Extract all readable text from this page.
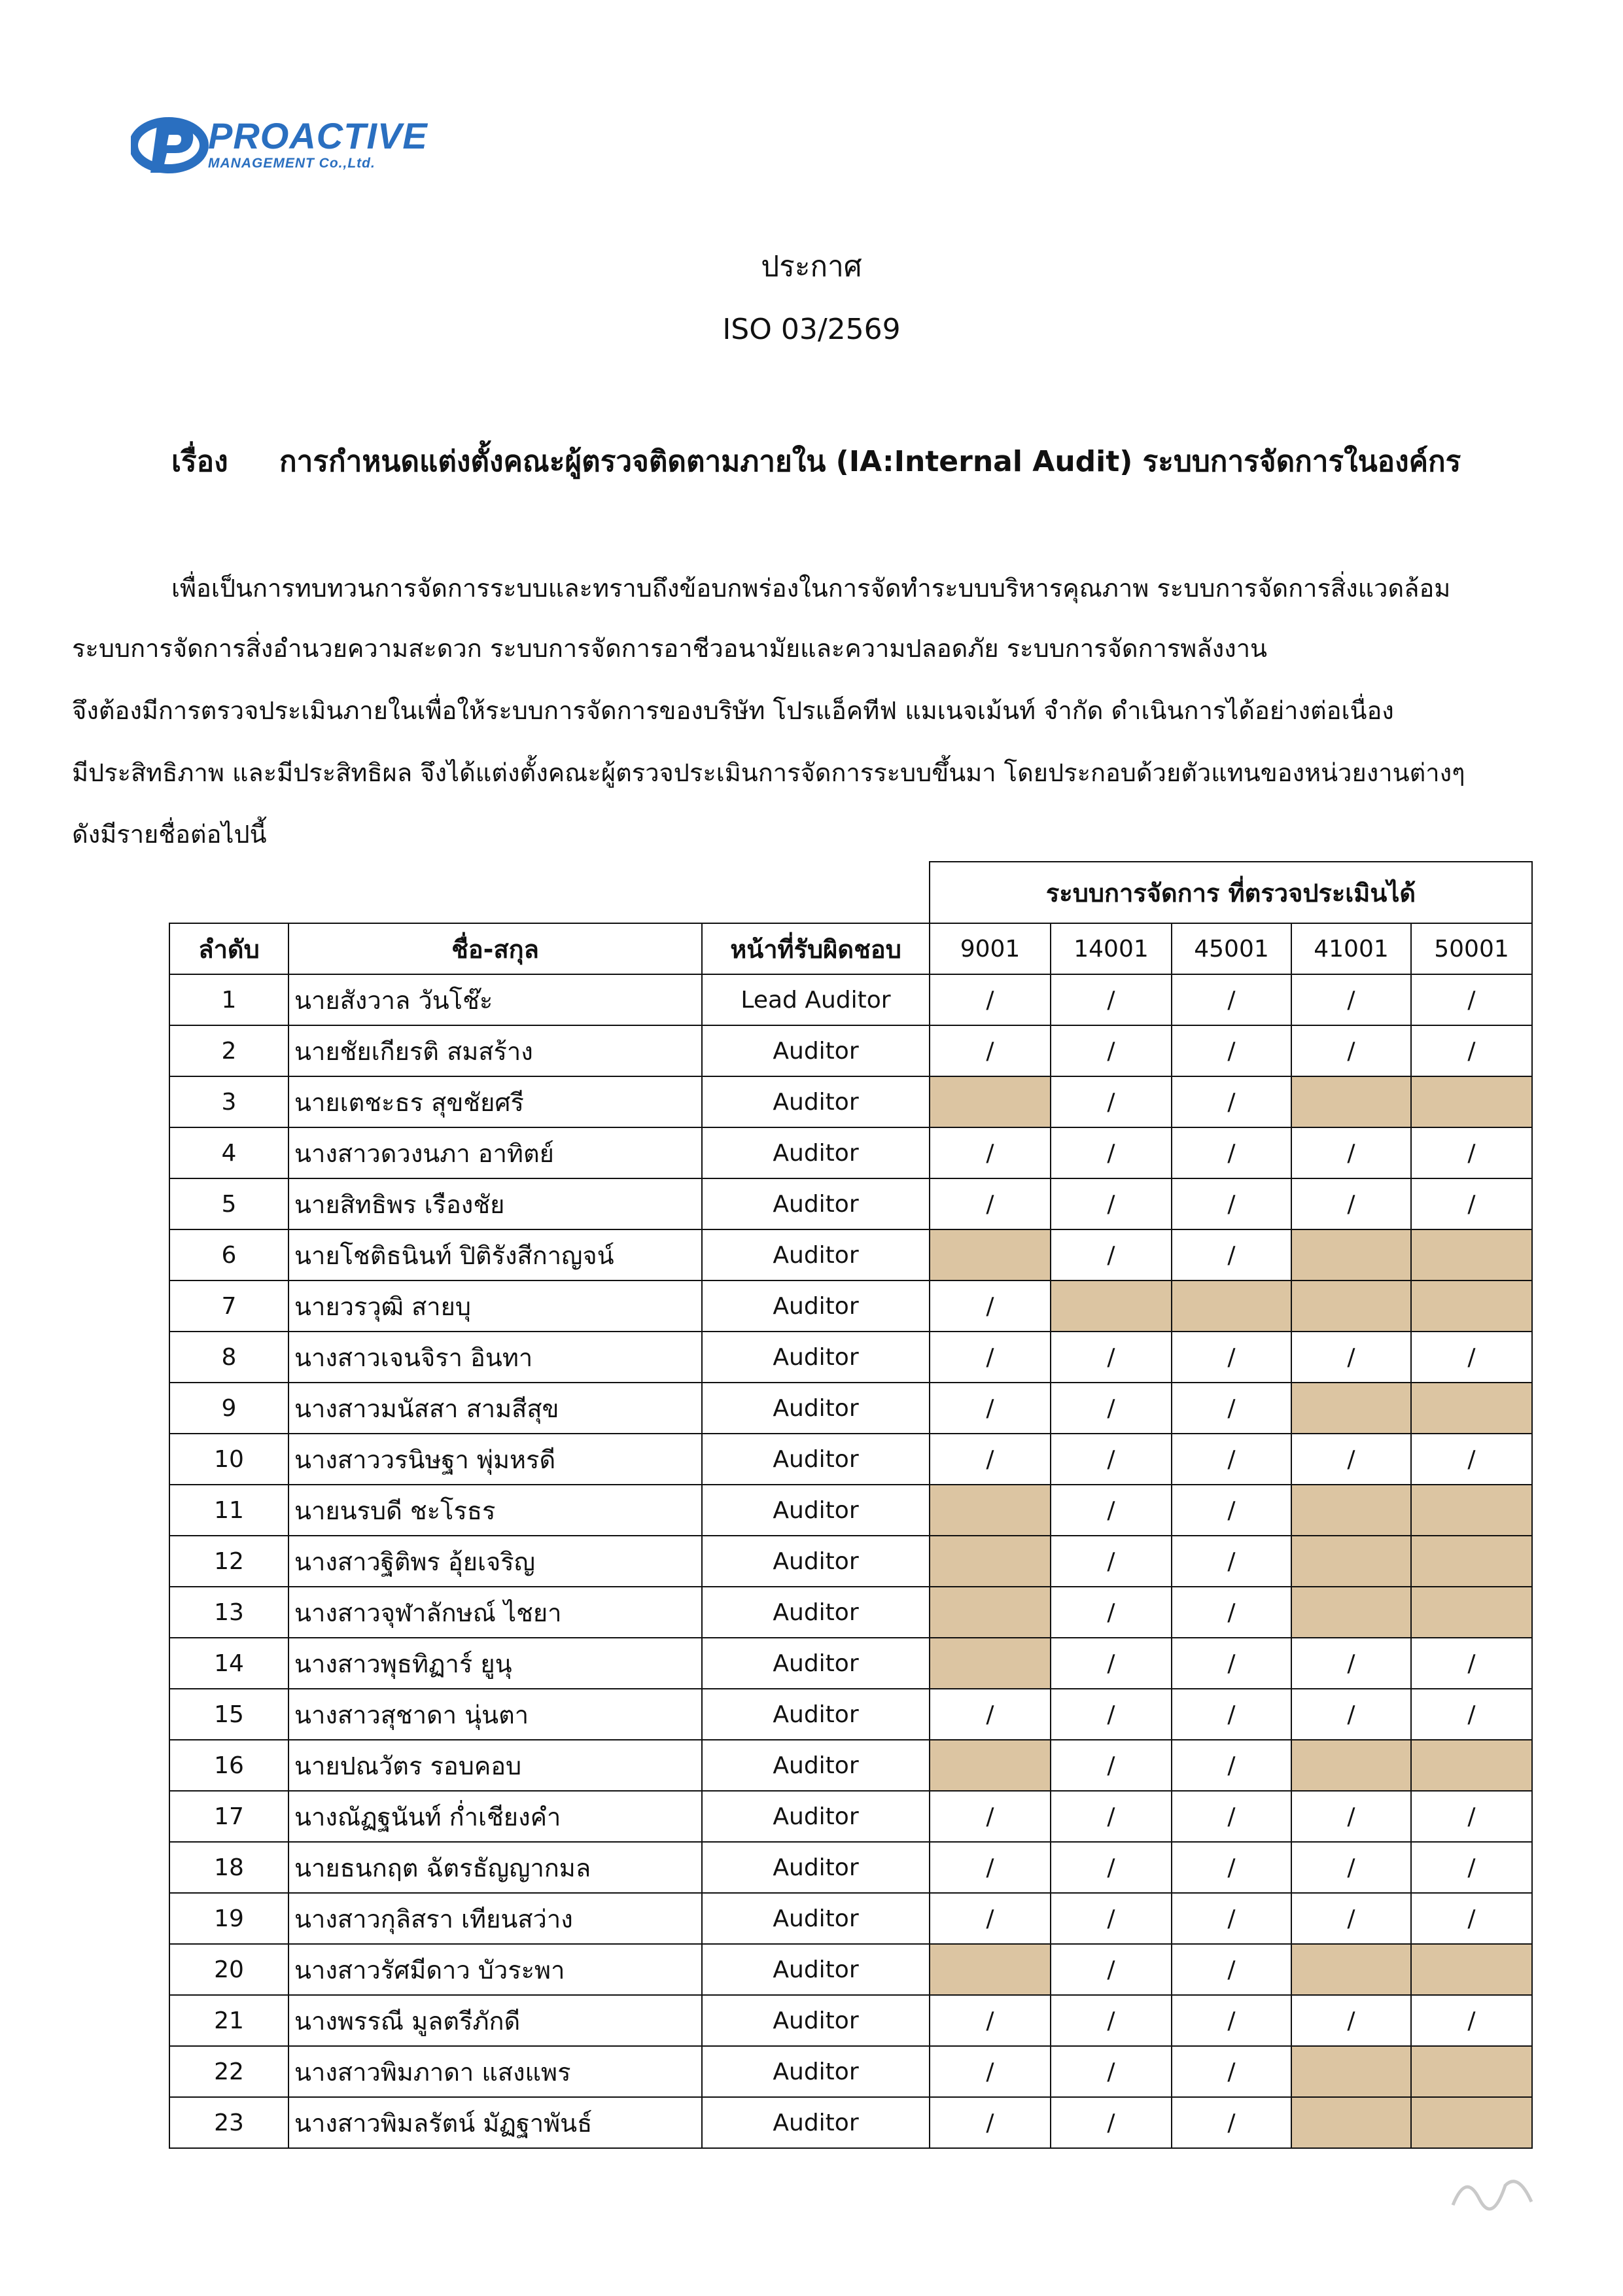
PROACTIVE
MANAGEMENT Co.,Ltd.
ประกาศ
ISO 03/2569
เรื่อง การกำหนดแต่งตั้งคณะผู้ตรวจติดตามภายใน (IA:Internal Audit) ระบบการจัดการในองค์กร
เพื่อเป็นการทบทวนการจัดการระบบและทราบถึงข้อบกพร่องในการจัดทำระบบบริหารคุณภาพ ระบบการจัดการสิ่งแวดล้อม
ระบบการจัดการสิ่งอำนวยความสะดวก ระบบการจัดการอาชีวอนามัยและความปลอดภัย ระบบการจัดการพลังงาน
จึงต้องมีการตรวจประเมินภายในเพื่อให้ระบบการจัดการของบริษัท โปรแอ็คทีฟ แมเนจเม้นท์ จำกัด ดำเนินการได้อย่างต่อเนื่อง
มีประสิทธิภาพ และมีประสิทธิผล จึงได้แต่งตั้งคณะผู้ตรวจประเมินการจัดการระบบขึ้นมา โดยประกอบด้วยตัวแทนของหน่วยงานต่างๆ
ดังมีรายชื่อต่อไปนี้
			ระบบการจัดการ ที่ตรวจประเมินได้				
ลำดับ	ชื่อ-สกุล	หน้าที่รับผิดชอบ	9001	14001	45001	41001	50001
1	นายสังวาล วันโช๊ะ	Lead Auditor	/	/	/	/	/
2	นายชัยเกียรติ สมสร้าง	Auditor	/	/	/	/	/
3	นายเตชะธร สุขชัยศรี	Auditor		/	/		
4	นางสาวดวงนภา อาทิตย์	Auditor	/	/	/	/	/
5	นายสิทธิพร เรืองชัย	Auditor	/	/	/	/	/
6	นายโชติธนินท์ ปิติรังสีกาญจน์	Auditor		/	/		
7	นายวรวุฒิ สายบุ	Auditor	/				
8	นางสาวเจนจิรา อินทา	Auditor	/	/	/	/	/
9	นางสาวมนัสสา สามสีสุข	Auditor	/	/	/		
10	นางสาววรนิษฐา พุ่มหรดี	Auditor	/	/	/	/	/
11	นายนรบดี ชะโรธร	Auditor		/	/		
12	นางสาวฐิติพร อุ้ยเจริญ	Auditor		/	/		
13	นางสาวจุฬาลักษณ์ ไชยา	Auditor		/	/		
14	นางสาวพุธทิฏาร์ ยูนุ	Auditor		/	/	/	/
15	นางสาวสุชาดา นุ่นตา	Auditor	/	/	/	/	/
16	นายปณวัตร รอบคอบ	Auditor		/	/		
17	นางณัฏฐนันท์ ก่ำเชียงคำ	Auditor	/	/	/	/	/
18	นายธนกฤต ฉัตรธัญญากมล	Auditor	/	/	/	/	/
19	นางสาวกุลิสรา เทียนสว่าง	Auditor	/	/	/	/	/
20	นางสาวรัศมีดาว บัวระพา	Auditor		/	/		
21	นางพรรณี มูลตรีภักดี	Auditor	/	/	/	/	/
22	นางสาวพิมภาดา แสงแพร	Auditor	/	/	/		
23	นางสาวพิมลรัตน์ มัฏฐาพันธ์	Auditor	/	/	/		
